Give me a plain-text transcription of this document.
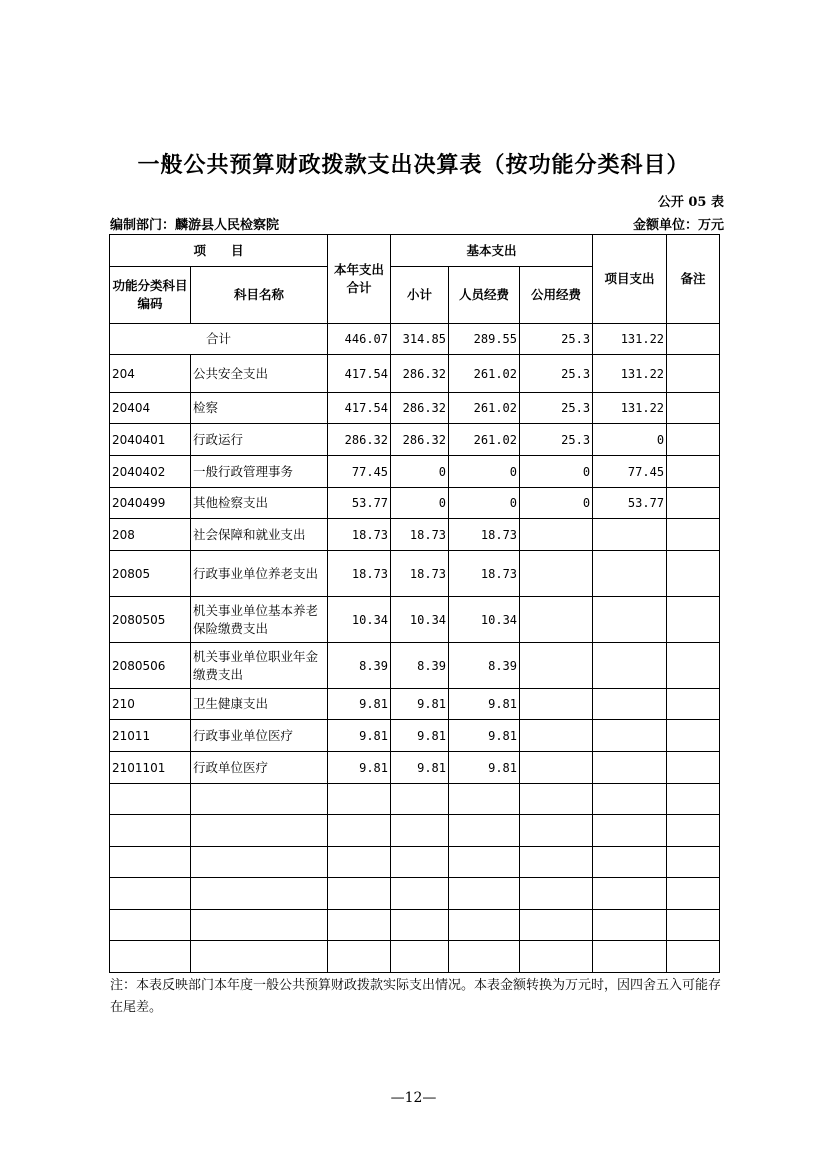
一般公共预算财政拨款支出决算表（按功能分类科目）
公开 05 表
编制部门：麟游县人民检察院	金额单位：万元
项　　目		本年支出合计	基本支出			项目支出	备注
功能分类科目编码	科目名称		小计	人员经费	公用经费		
合计		446.07	314.85	289.55	25.3	131.22	
204	公共安全支出	417.54	286.32	261.02	25.3	131.22	
20404	检察	417.54	286.32	261.02	25.3	131.22	
2040401	行政运行	286.32	286.32	261.02	25.3	0	
2040402	一般行政管理事务	77.45	0	0	0	77.45	
2040499	其他检察支出	53.77	0	0	0	53.77	
208	社会保障和就业支出	18.73	18.73	18.73			
20805	行政事业单位养老支出	18.73	18.73	18.73			
2080505	机关事业单位基本养老保险缴费支出	10.34	10.34	10.34			
2080506	机关事业单位职业年金缴费支出	8.39	8.39	8.39			
210	卫生健康支出	9.81	9.81	9.81			
21011	行政事业单位医疗	9.81	9.81	9.81			
2101101	行政单位医疗	9.81	9.81	9.81			

注：本表反映部门本年度一般公共预算财政拨款实际支出情况。本表金额转换为万元时，因四舍五入可能存在尾差。
—12—
